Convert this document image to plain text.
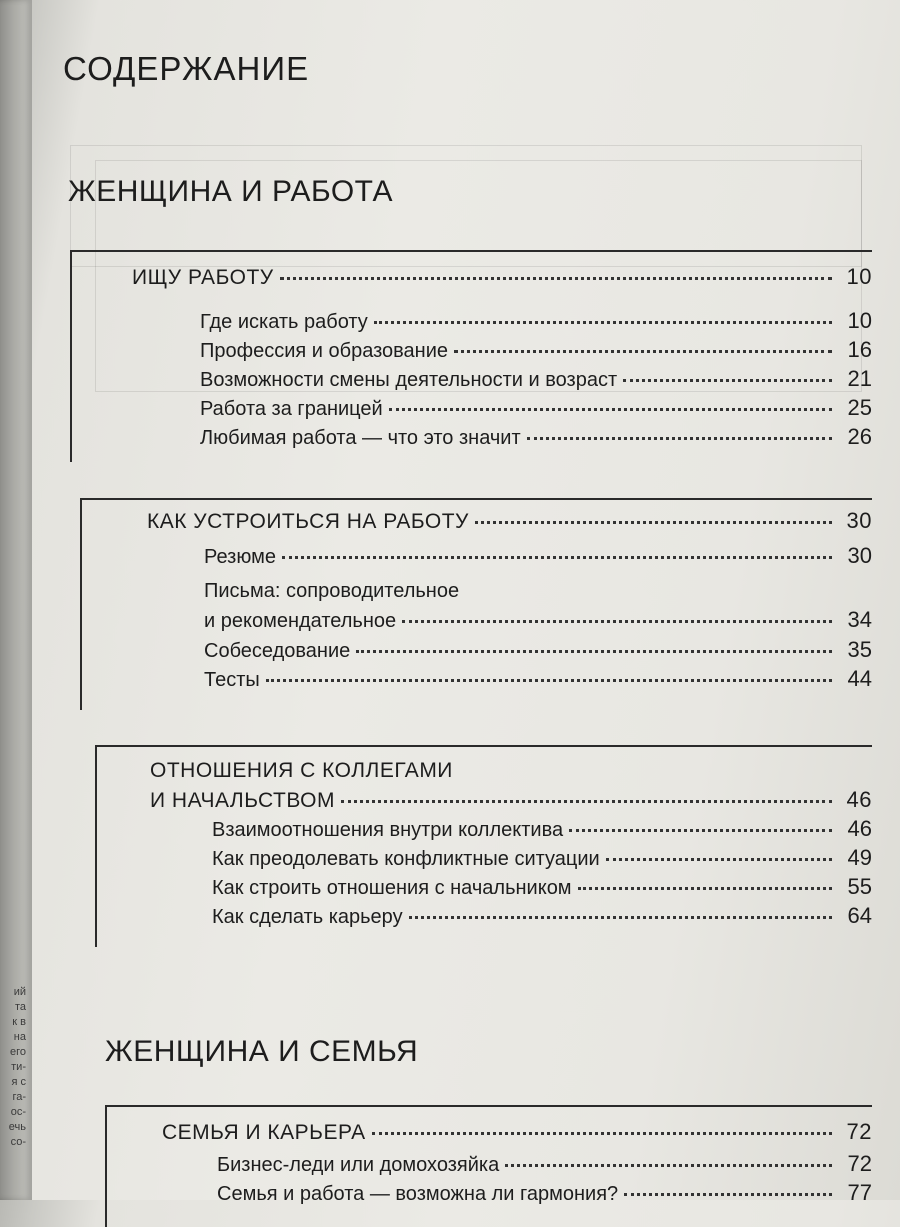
ий
та
к в
на
его
ти-
я с
га-
ос-
ечь
со-
СОДЕРЖАНИЕ
ЖЕНЩИНА И РАБОТА
ИЩУ РАБОТУ	10
Где искать работу	10
Профессия и образование	16
Возможности смены деятельности и возраст	21
Работа за границей	25
Любимая работа — что это значит	26
КАК УСТРОИТЬСЯ НА РАБОТУ	30
Резюме	30
Письма: сопроводительное
и рекомендательное	34
Собеседование	35
Тесты	44
ОТНОШЕНИЯ С КОЛЛЕГАМИ
И НАЧАЛЬСТВОМ	46
Взаимоотношения внутри коллектива	46
Как преодолевать конфликтные ситуации	49
Как строить отношения с начальником	55
Как сделать карьеру	64
ЖЕНЩИНА И СЕМЬЯ
СЕМЬЯ И КАРЬЕРА	72
Бизнес-леди или домохозяйка	72
Семья и работа — возможна ли гармония?	77
